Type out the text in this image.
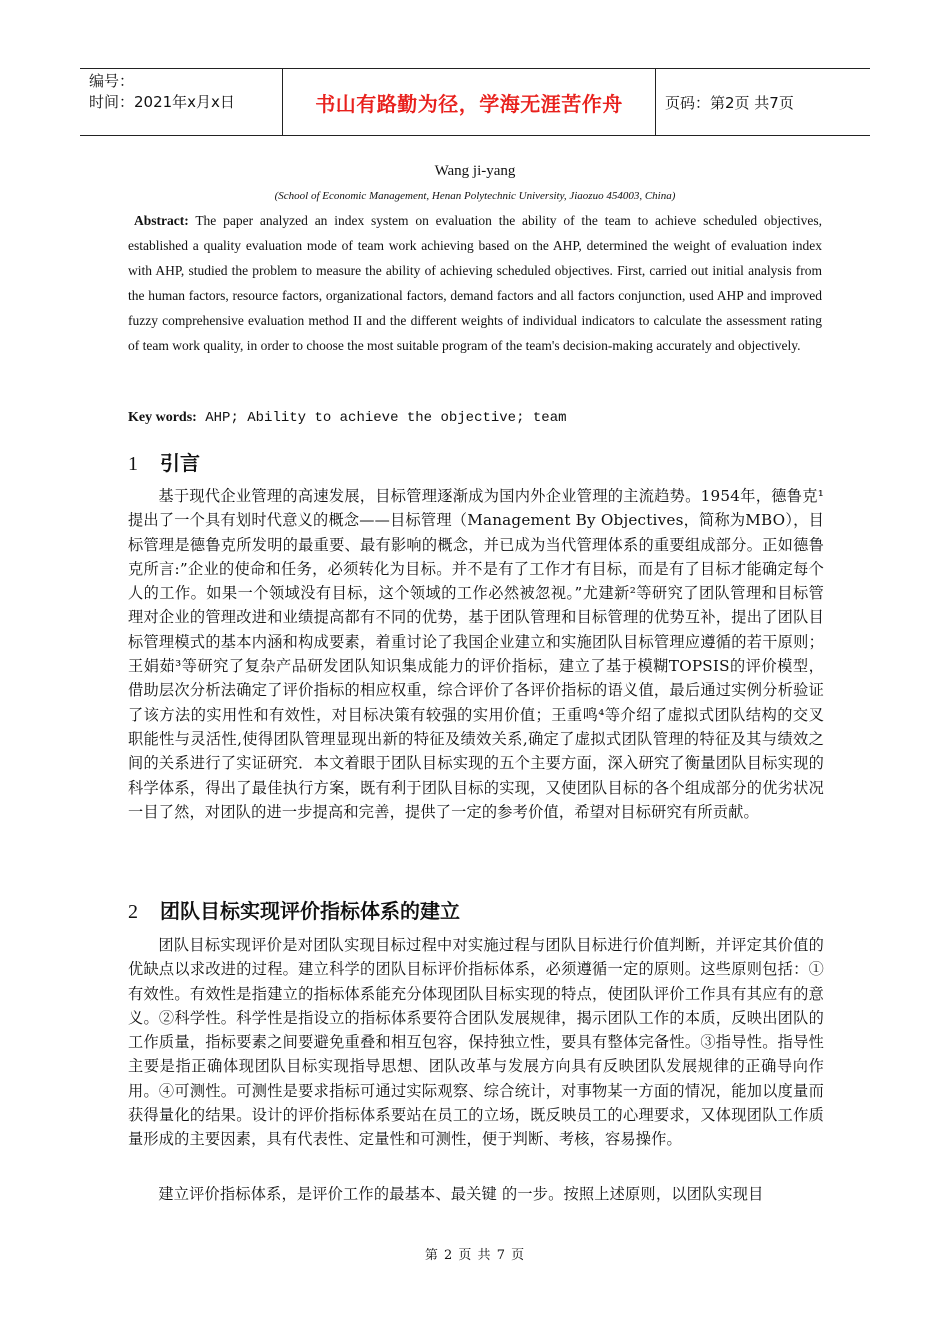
编号：
时间：2021年x月x日	书山有路勤为径，学海无涯苦作舟	页码：第2页 共7页
Wang ji-yang
(School of Economic Management, Henan Polytechnic University, Jiaozuo 454003, China)
Abstract: The paper analyzed an index system on evaluation the ability of the team to achieve scheduled objectives, established a quality evaluation mode of team work achieving based on the AHP, determined the weight of evaluation index with AHP, studied the problem to measure the ability of achieving scheduled objectives. First, carried out initial analysis from the human factors, resource factors, organizational factors, demand factors and all factors conjunction, used AHP and improved fuzzy comprehensive evaluation method II and the different weights of individual indicators to calculate the assessment rating of team work quality, in order to choose the most suitable program of the team's decision-making accurately and objectively.
Key words: AHP; Ability to achieve the objective; team
1 引言
基于现代企业管理的高速发展，目标管理逐渐成为国内外企业管理的主流趋势。1954年，德鲁克¹提出了一个具有划时代意义的概念——目标管理（Management By Objectives，简称为MBO），目标管理是德鲁克所发明的最重要、最有影响的概念，并已成为当代管理体系的重要组成部分。正如德鲁克所言:”企业的使命和任务，必须转化为目标。并不是有了工作才有目标，而是有了目标才能确定每个人的工作。如果一个领域没有目标，这个领域的工作必然被忽视。”尤建新²等研究了团队管理和目标管理对企业的管理改进和业绩提高都有不同的优势，基于团队管理和目标管理的优势互补，提出了团队目标管理模式的基本内涵和构成要素，着重讨论了我国企业建立和实施团队目标管理应遵循的若干原则；王娟茹³等研究了复杂产品研发团队知识集成能力的评价指标，建立了基于模糊TOPSIS的评价模型，借助层次分析法确定了评价指标的相应权重，综合评价了各评价指标的语义值，最后通过实例分析验证了该方法的实用性和有效性，对目标决策有较强的实用价值；王重鸣⁴等介绍了虚拟式团队结构的交叉职能性与灵活性,使得团队管理显现出新的特征及绩效关系,确定了虚拟式团队管理的特征及其与绩效之间的关系进行了实证研究．本文着眼于团队目标实现的五个主要方面，深入研究了衡量团队目标实现的科学体系，得出了最佳执行方案，既有利于团队目标的实现，又使团队目标的各个组成部分的优劣状况一目了然，对团队的进一步提高和完善，提供了一定的参考价值，希望对目标研究有所贡献。
2 团队目标实现评价指标体系的建立
团队目标实现评价是对团队实现目标过程中对实施过程与团队目标进行价值判断，并评定其价值的优缺点以求改进的过程。建立科学的团队目标评价指标体系，必须遵循一定的原则。这些原则包括：①有效性。有效性是指建立的指标体系能充分体现团队目标实现的特点，使团队评价工作具有其应有的意义。②科学性。科学性是指设立的指标体系要符合团队发展规律，揭示团队工作的本质，反映出团队的工作质量，指标要素之间要避免重叠和相互包容，保持独立性，要具有整体完备性。③指导性。指导性主要是指正确体现团队目标实现指导思想、团队改革与发展方向具有反映团队发展规律的正确导向作用。④可测性。可测性是要求指标可通过实际观察、综合统计，对事物某一方面的情况，能加以度量而获得量化的结果。设计的评价指标体系要站在员工的立场，既反映员工的心理要求，又体现团队工作质量形成的主要因素，具有代表性、定量性和可测性，便于判断、考核，容易操作。
建立评价指标体系，是评价工作的最基本、最关键 的一步。按照上述原则，以团队实现目
第 2 页 共 7 页
